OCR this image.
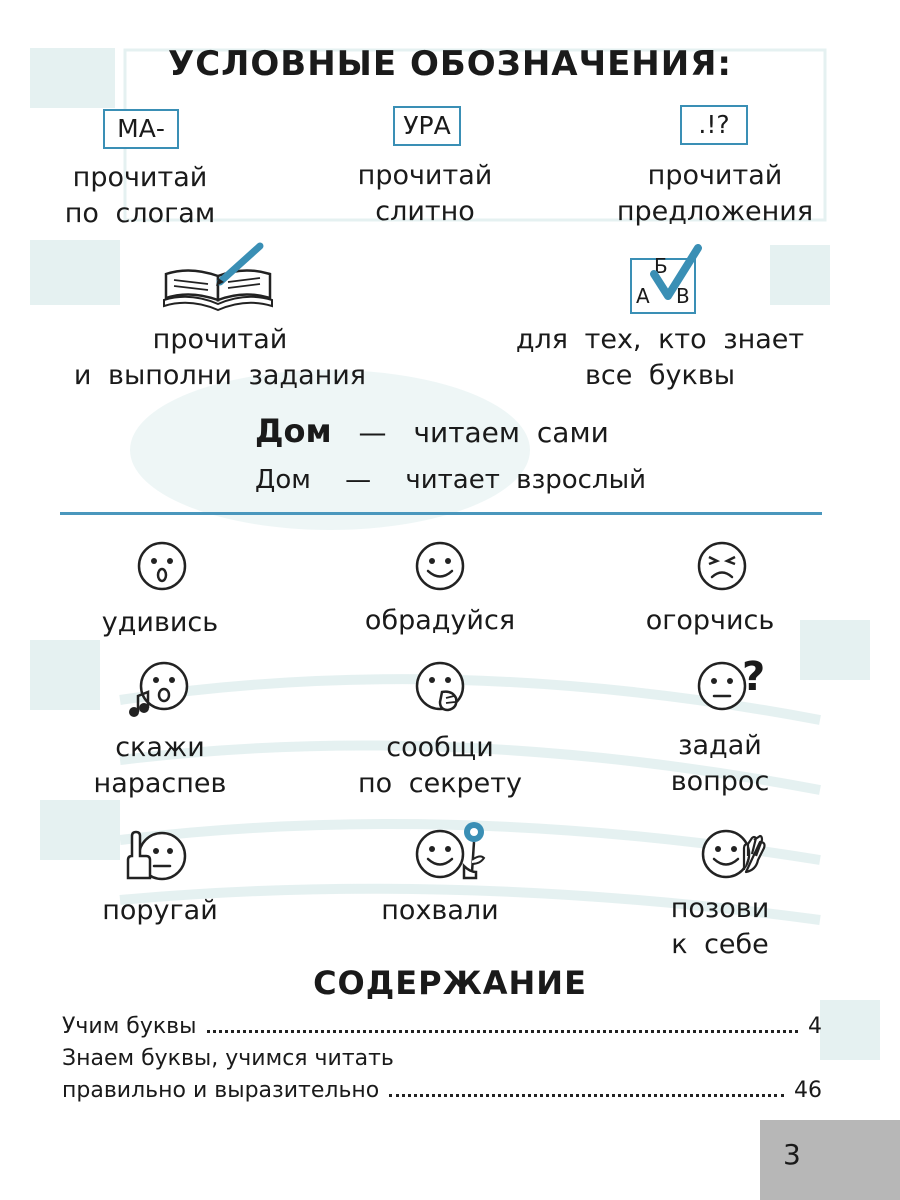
УСЛОВНЫЕ ОБОЗНАЧЕНИЯ:
МА-
прочитай
по слогам
УРА
прочитай
слитно
.!?
прочитай
предложения
прочитай
и выполни задания
Б
А В
для тех, кто знает
все буквы
Дом — читаем сами
Дом — читает взрослый
удивись	обрадуйся	огорчись
?
скажи
нараспев
сообщи
по секрету
задай
вопрос
поругай	похвали	позови
к себе
СОДЕРЖАНИЕ
Учим буквы	4
Знаем буквы, учимся читать
правильно и выразительно	46
3
